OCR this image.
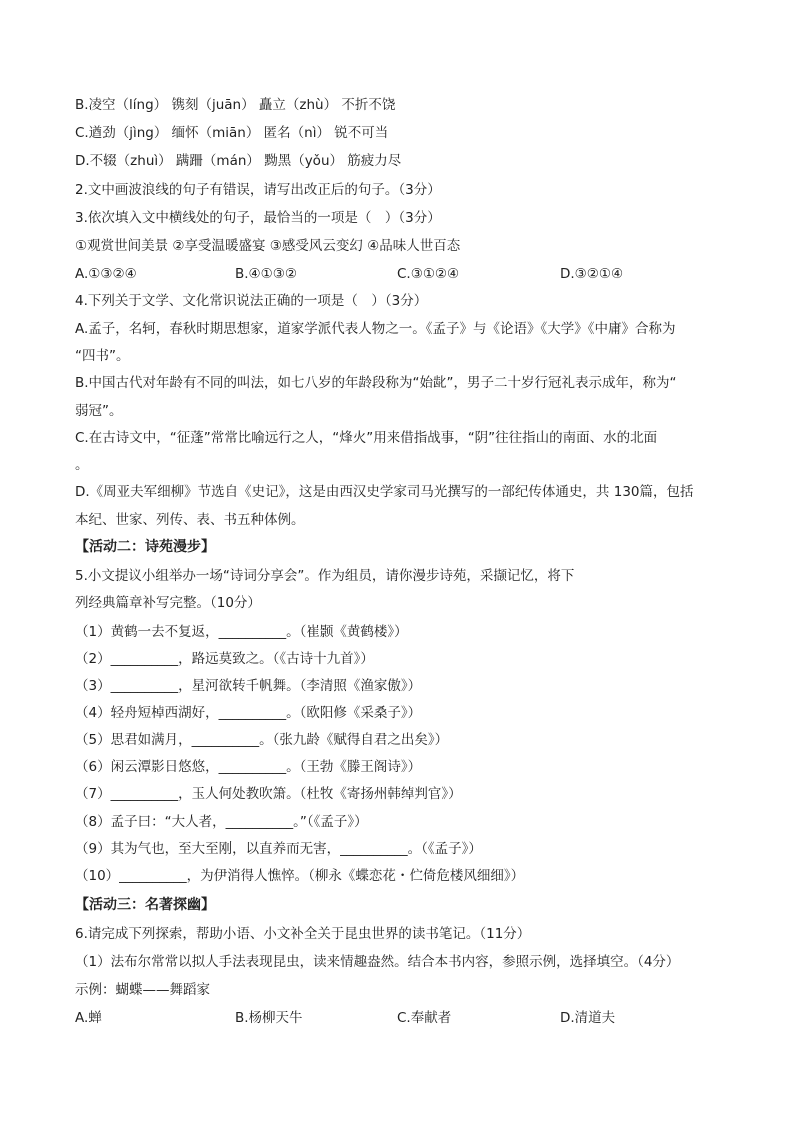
B.凌空（líng） 镌刻（juān） 矗立（zhù） 不折不饶
C.遒劲（jìng） 缅怀（miān） 匿名（nì） 锐不可当
D.不辍（zhuì） 蹒跚（mán） 黝黑（yǒu） 筋疲力尽
2.文中画波浪线的句子有错误，请写出改正后的句子。（3分）
3.依次填入文中横线处的句子，最恰当的一项是（　）（3分）
①观赏世间美景 ②享受温暖盛宴 ③感受风云变幻 ④品味人世百态
A.①③②④	B.④①③②	C.③①②④	D.③②①④
4.下列关于文学、文化常识说法正确的一项是（　）（3分）
A.孟子，名轲，春秋时期思想家，道家学派代表人物之一。《孟子》与《论语》《大学》《中庸》合称为
“四书”。
B.中国古代对年龄有不同的叫法，如七八岁的年龄段称为“始龀”，男子二十岁行冠礼表示成年，称为“
弱冠”。
C.在古诗文中，“征蓬”常常比喻远行之人，“烽火”用来借指战事，“阴”往往指山的南面、水的北面
。
D.《周亚夫军细柳》节选自《史记》，这是由西汉史学家司马光撰写的一部纪传体通史，共 130篇，包括
本纪、世家、列传、表、书五种体例。
【活动二：诗苑漫步】
5.小文提议小组举办一场“诗词分享会”。作为组员，请你漫步诗苑，采撷记忆，将下
列经典篇章补写完整。（10分）
（1）黄鹤一去不复返，__________。（崔颢《黄鹤楼》）
（2）__________，路远莫致之。（《古诗十九首》）
（3）__________，星河欲转千帆舞。（李清照《渔家傲》）
（4）轻舟短棹西湖好，__________。（欧阳修《采桑子》）
（5）思君如满月，__________。（张九龄《赋得自君之出矣》）
（6）闲云潭影日悠悠，__________。（王勃《滕王阁诗》）
（7）__________，玉人何处教吹箫。（杜牧《寄扬州韩绰判官》）
（8）孟子曰：“大人者，__________。”（《孟子》）
（9）其为气也，至大至刚，以直养而无害，__________。（《孟子》）
（10）__________，为伊消得人憔悴。（柳永《蝶恋花・伫倚危楼风细细》）
【活动三：名著探幽】
6.请完成下列探索，帮助小语、小文补全关于昆虫世界的读书笔记。（11分）
（1）法布尔常常以拟人手法表现昆虫，读来情趣盎然。结合本书内容，参照示例，选择填空。（4分）
示例：蝴蝶——舞蹈家
A.蝉	B.杨柳天牛	C.奉献者	D.清道夫
